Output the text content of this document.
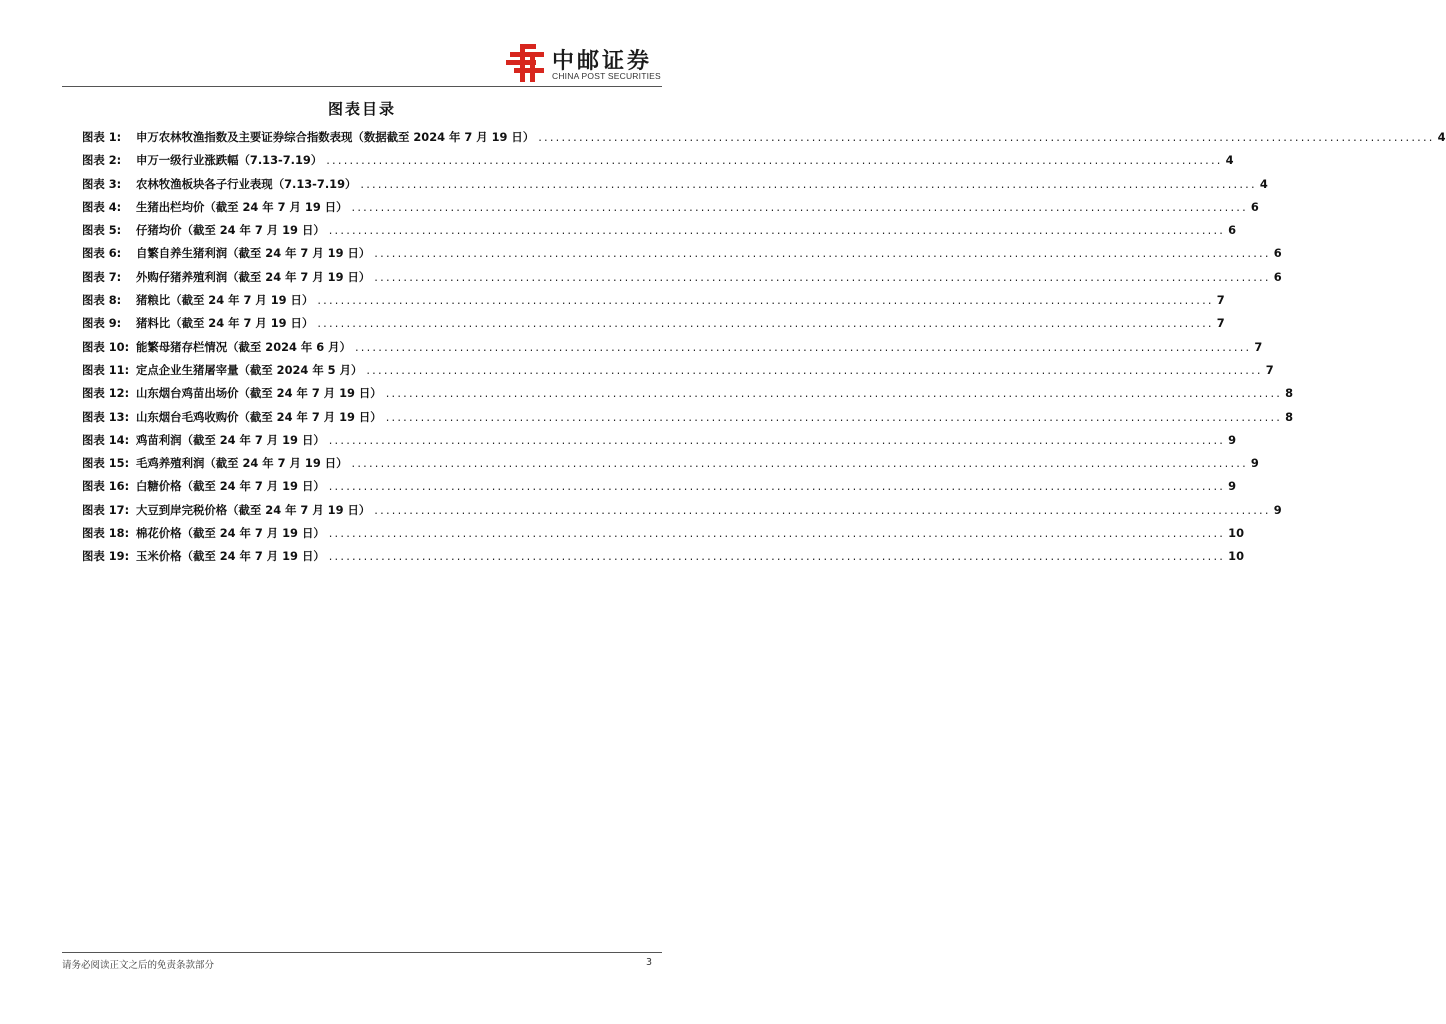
中邮证券
CHINA POST SECURITIES
图表目录
图表 1:	申万农林牧渔指数及主要证券综合指数表现（数据截至 2024 年 7 月 19 日） .......................................................................................................................................................... 4
图表 2:	申万一级行业涨跌幅（7.13-7.19） .......................................................................................................................................................... 4
图表 3:	农林牧渔板块各子行业表现（7.13-7.19） .......................................................................................................................................................... 4
图表 4:	生猪出栏均价（截至 24 年 7 月 19 日） .......................................................................................................................................................... 6
图表 5:	仔猪均价（截至 24 年 7 月 19 日） .......................................................................................................................................................... 6
图表 6:	自繁自养生猪利润（截至 24 年 7 月 19 日） .......................................................................................................................................................... 6
图表 7:	外购仔猪养殖利润（截至 24 年 7 月 19 日） .......................................................................................................................................................... 6
图表 8:	猪粮比（截至 24 年 7 月 19 日） .......................................................................................................................................................... 7
图表 9:	猪料比（截至 24 年 7 月 19 日） .......................................................................................................................................................... 7
图表 10: 能繁母猪存栏情况（截至 2024 年 6 月） .......................................................................................................................................................... 7
图表 11: 定点企业生猪屠宰量（截至 2024 年 5 月） .......................................................................................................................................................... 7
图表 12: 山东烟台鸡苗出场价（截至 24 年 7 月 19 日） .......................................................................................................................................................... 8
图表 13: 山东烟台毛鸡收购价（截至 24 年 7 月 19 日） .......................................................................................................................................................... 8
图表 14: 鸡苗利润（截至 24 年 7 月 19 日） .......................................................................................................................................................... 9
图表 15: 毛鸡养殖利润（截至 24 年 7 月 19 日） .......................................................................................................................................................... 9
图表 16: 白糖价格（截至 24 年 7 月 19 日） .......................................................................................................................................................... 9
图表 17: 大豆到岸完税价格（截至 24 年 7 月 19 日） .......................................................................................................................................................... 9
图表 18: 棉花价格（截至 24 年 7 月 19 日） .......................................................................................................................................................... 10
图表 19: 玉米价格（截至 24 年 7 月 19 日） .......................................................................................................................................................... 10
请务必阅读正文之后的免责条款部分	3
